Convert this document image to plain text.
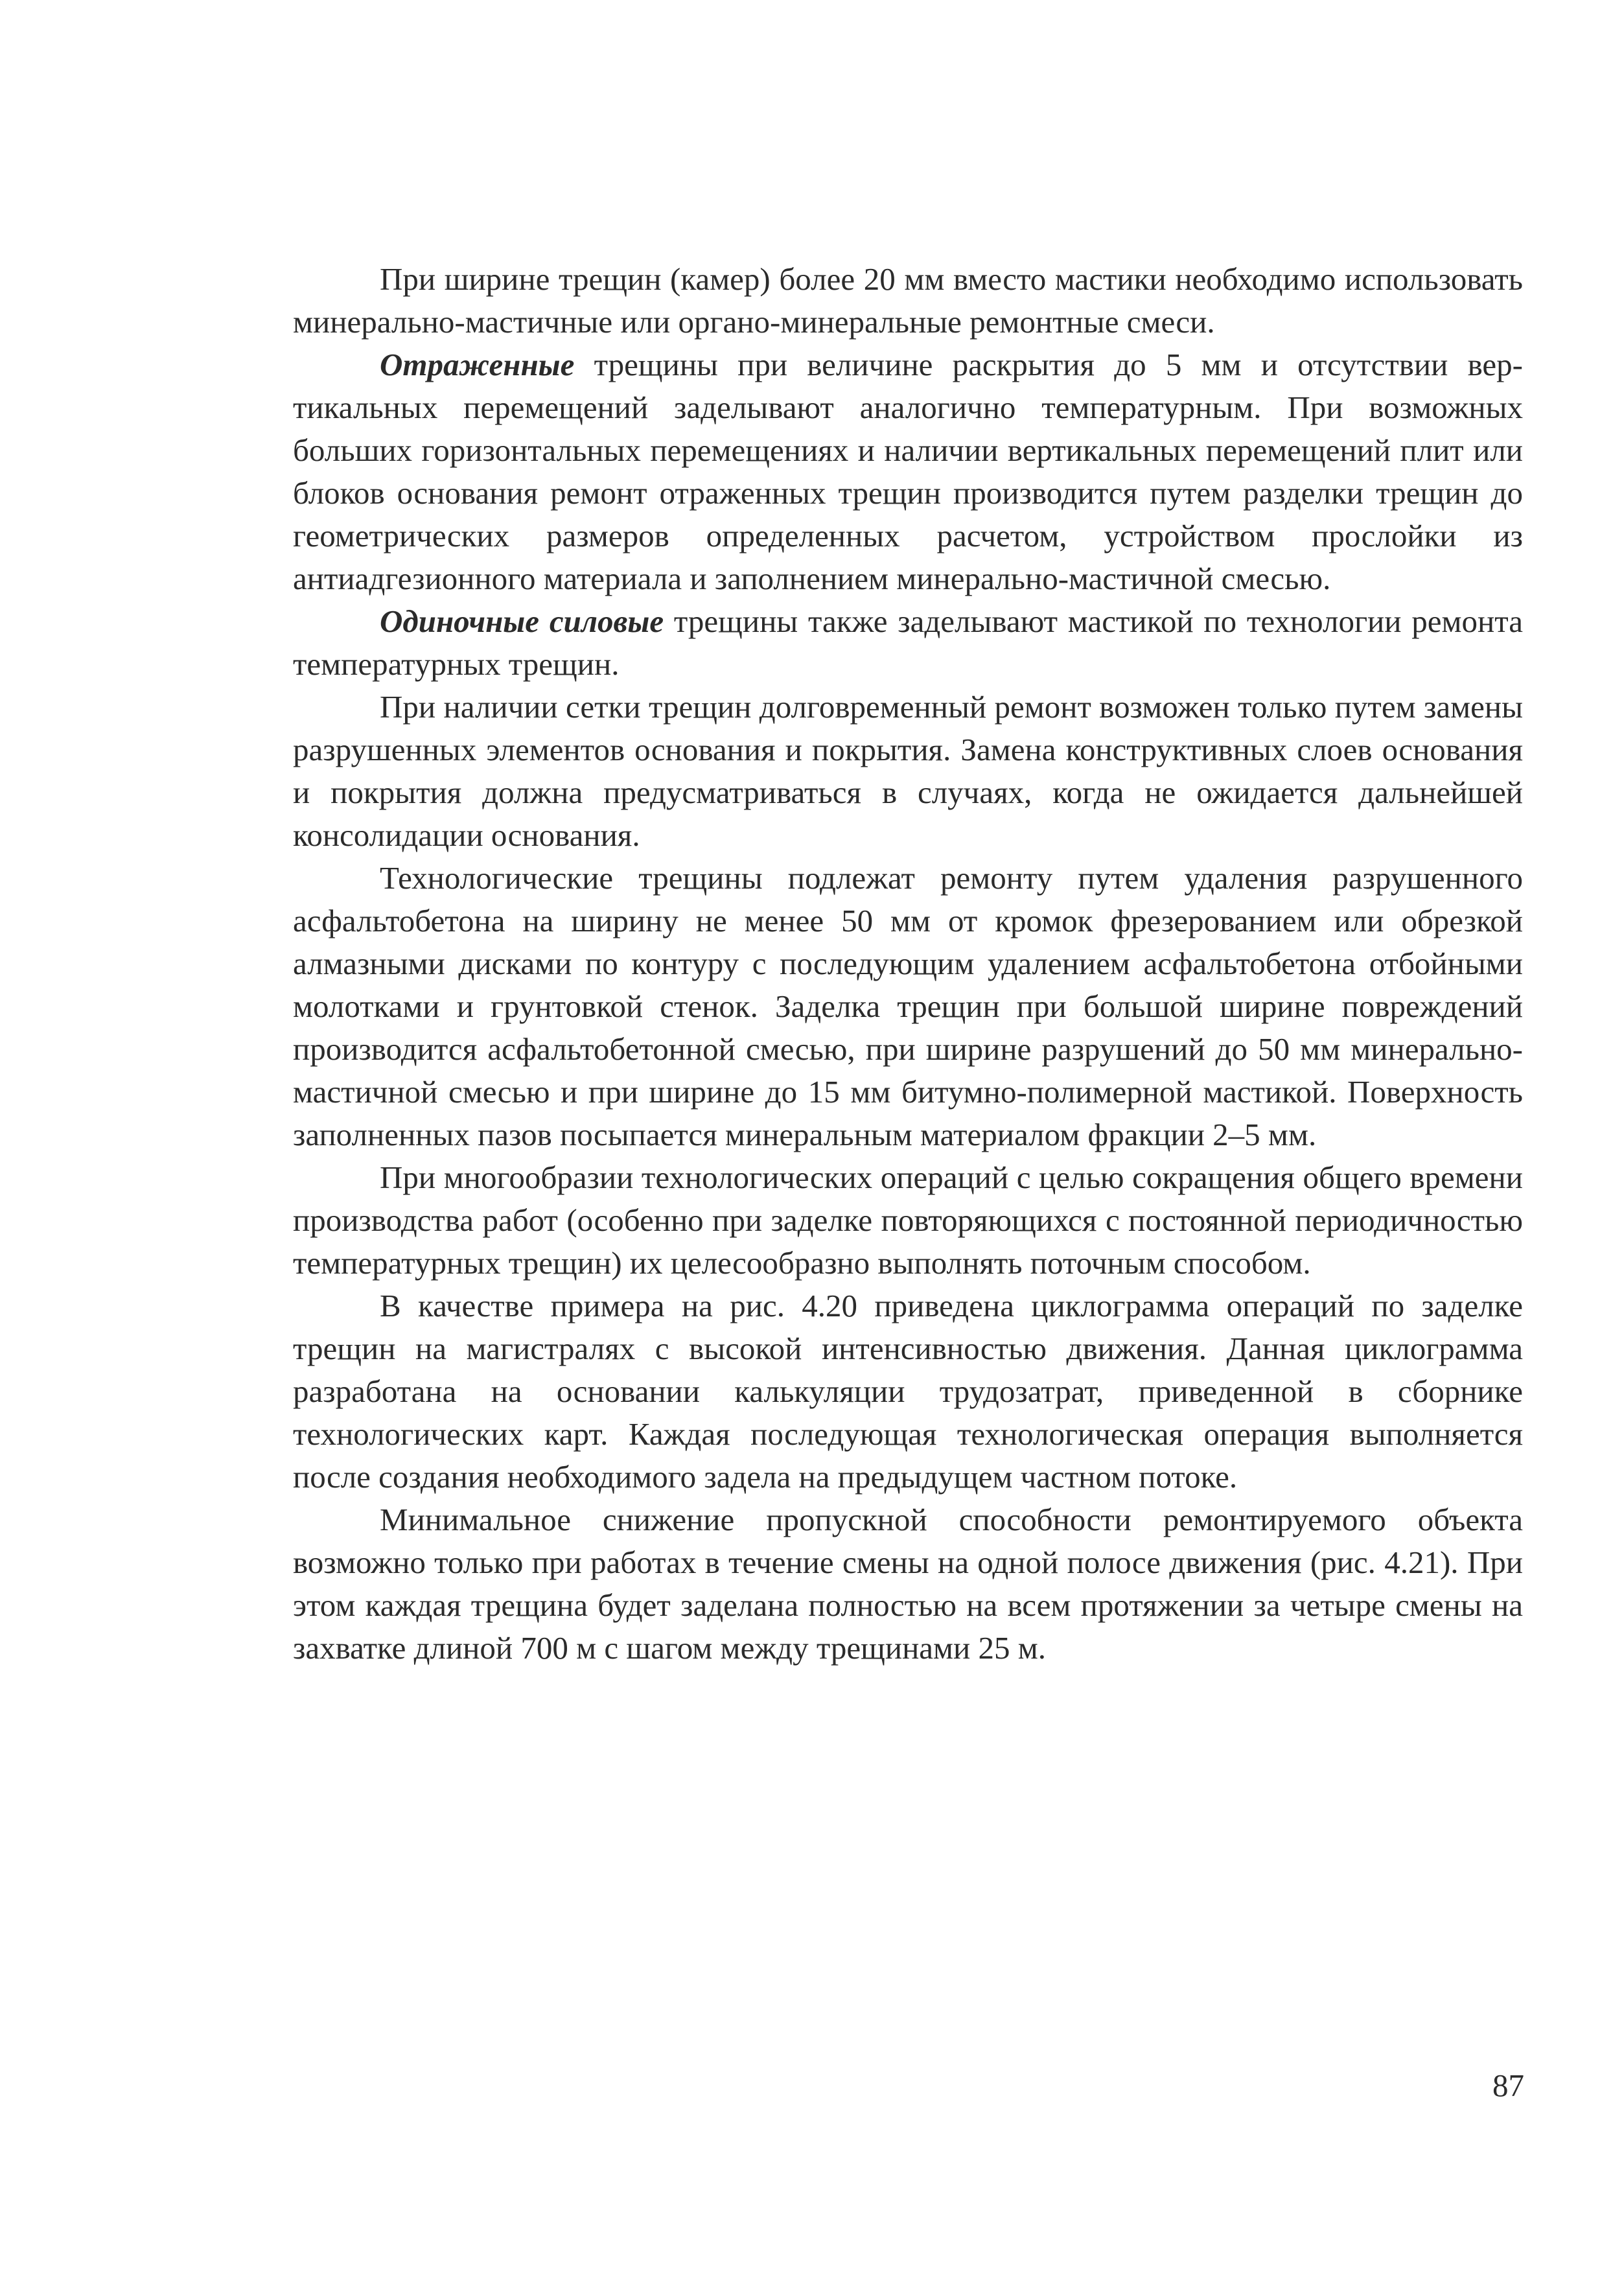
При ширине трещин (камер) более 20 мм вместо мастики необходимо использовать минерально-мастичные или органо-минеральные ремонтные смеси.

Отраженные трещины при величине раскрытия до 5 мм и отсутствии вертикальных перемещений заделывают аналогично температурным. При возможных больших горизонтальных перемещениях и наличии вертикальных перемещений плит или блоков основания ремонт отраженных трещин производится путем разделки трещин до геометрических размеров определенных расчетом, устройством прослойки из антиадгезионного материала и заполнением минерально-мастичной смесью.

Одиночные силовые трещины также заделывают мастикой по технологии ремонта температурных трещин.

При наличии сетки трещин долговременный ремонт возможен только путем замены разрушенных элементов основания и покрытия. Замена конструктивных слоев основания и покрытия должна предусматриваться в случаях, когда не ожидается дальнейшей консолидации основания.

Технологические трещины подлежат ремонту путем удаления разрушенного асфальтобетона на ширину не менее 50 мм от кромок фрезерованием или обрезкой алмазными дисками по контуру с последующим удалением асфальтобетона отбойными молотками и грунтовкой стенок. Заделка трещин при большой ширине повреждений производится асфальтобетонной смесью, при ширине разрушений до 50 мм минерально-мастичной смесью и при ширине до 15 мм битумно-полимерной мастикой. Поверхность заполненных пазов посыпается минеральным материалом фракции 2–5 мм.

При многообразии технологических операций с целью сокращения общего времени производства работ (особенно при заделке повторяющихся с постоянной периодичностью температурных трещин) их целесообразно выполнять поточным способом.

В качестве примера на рис. 4.20 приведена циклограмма операций по заделке трещин на магистралях с высокой интенсивностью движения. Данная циклограмма разработана на основании калькуляции трудозатрат, приведенной в сборнике технологических карт. Каждая последующая технологическая операция выполняется после создания необходимого задела на предыдущем частном потоке.

Минимальное снижение пропускной способности ремонтируемого объекта возможно только при работах в течение смены на одной полосе движения (рис. 4.21). При этом каждая трещина будет заделана полностью на всем протяжении за четыре смены на захватке длиной 700 м с шагом между трещинами 25 м.

87
